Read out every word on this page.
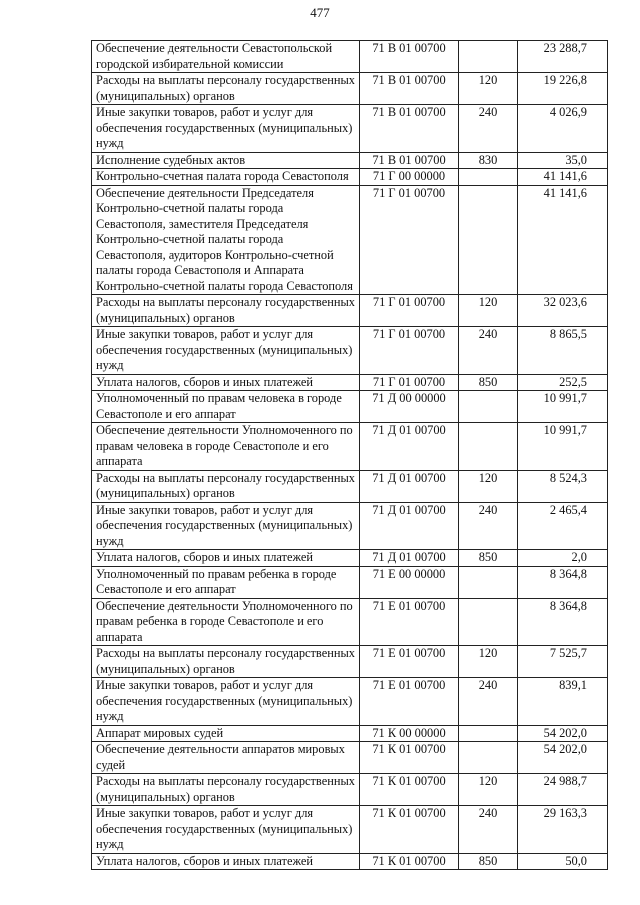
477
Обеспечение деятельности Севастопольской городской избирательной комиссии	71 В 01 00700		23 288,7
Расходы на выплаты персоналу государственных (муниципальных) органов	71 В 01 00700	120	19 226,8
Иные закупки товаров, работ и услуг для обеспечения государственных (муниципальных) нужд	71 В 01 00700	240	4 026,9
Исполнение судебных актов	71 В 01 00700	830	35,0
Контрольно-счетная палата города Севастополя	71 Г 00 00000		41 141,6
Обеспечение деятельности Председателя Контрольно-счетной палаты города Севастополя, заместителя Председателя Контрольно-счетной палаты города Севастополя, аудиторов Контрольно-счетной палаты города Севастополя и Аппарата Контрольно-счетной палаты города Севастополя	71 Г 01 00700		41 141,6
Расходы на выплаты персоналу государственных (муниципальных) органов	71 Г 01 00700	120	32 023,6
Иные закупки товаров, работ и услуг для обеспечения государственных (муниципальных) нужд	71 Г 01 00700	240	8 865,5
Уплата налогов, сборов и иных платежей	71 Г 01 00700	850	252,5
Уполномоченный по правам человека в городе Севастополе и его аппарат	71 Д 00 00000		10 991,7
Обеспечение деятельности Уполномоченного по правам человека в городе Севастополе и его аппарата	71 Д 01 00700		10 991,7
Расходы на выплаты персоналу государственных (муниципальных) органов	71 Д 01 00700	120	8 524,3
Иные закупки товаров, работ и услуг для обеспечения государственных (муниципальных) нужд	71 Д 01 00700	240	2 465,4
Уплата налогов, сборов и иных платежей	71 Д 01 00700	850	2,0
Уполномоченный по правам ребенка в городе Севастополе и его аппарат	71 Е 00 00000		8 364,8
Обеспечение деятельности Уполномоченного по правам ребенка в городе Севастополе и его аппарата	71 Е 01 00700		8 364,8
Расходы на выплаты персоналу государственных (муниципальных) органов	71 Е 01 00700	120	7 525,7
Иные закупки товаров, работ и услуг для обеспечения государственных (муниципальных) нужд	71 Е 01 00700	240	839,1
Аппарат мировых судей	71 К 00 00000		54 202,0
Обеспечение деятельности аппаратов мировых судей	71 К 01 00700		54 202,0
Расходы на выплаты персоналу государственных (муниципальных) органов	71 К 01 00700	120	24 988,7
Иные закупки товаров, работ и услуг для обеспечения государственных (муниципальных) нужд	71 К 01 00700	240	29 163,3
Уплата налогов, сборов и иных платежей	71 К 01 00700	850	50,0
